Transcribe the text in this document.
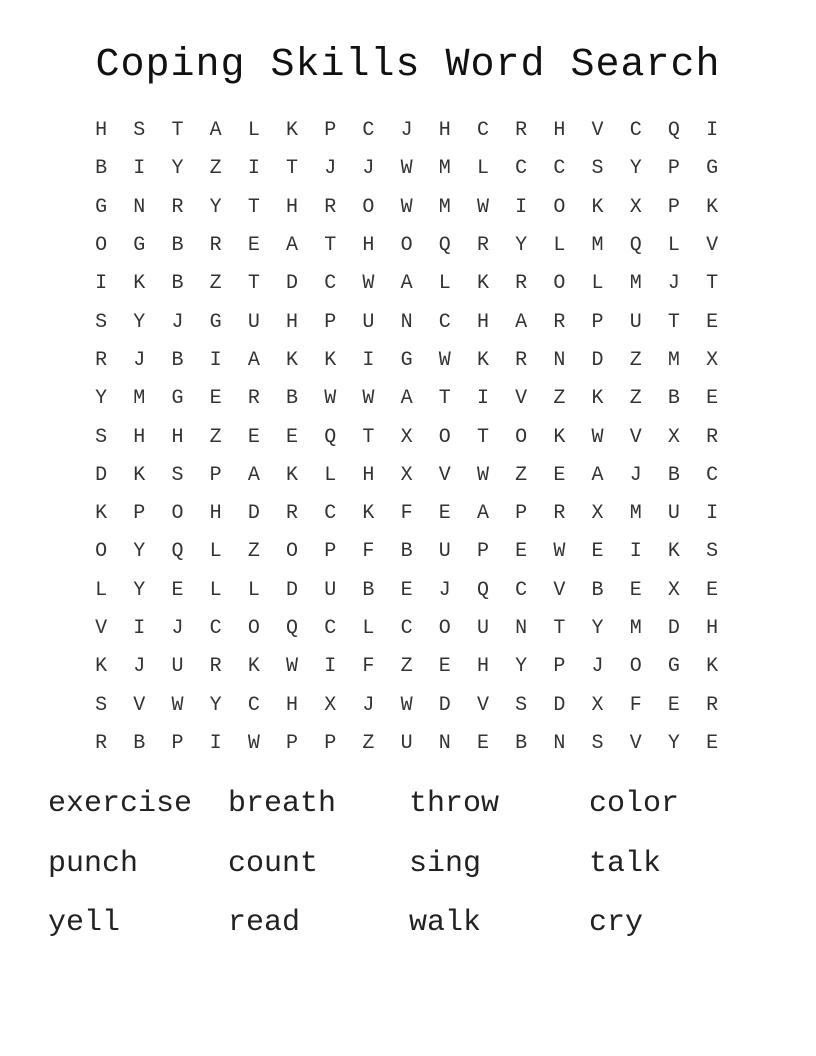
Coping Skills Word Search
H	S	T	A	L	K	P	C	J	H	C	R	H	V	C	Q	I
B	I	Y	Z	I	T	J	J	W	M	L	C	C	S	Y	P	G
G	N	R	Y	T	H	R	O	W	M	W	I	O	K	X	P	K
O	G	B	R	E	A	T	H	O	Q	R	Y	L	M	Q	L	V
I	K	B	Z	T	D	C	W	A	L	K	R	O	L	M	J	T
S	Y	J	G	U	H	P	U	N	C	H	A	R	P	U	T	E
R	J	B	I	A	K	K	I	G	W	K	R	N	D	Z	M	X
Y	M	G	E	R	B	W	W	A	T	I	V	Z	K	Z	B	E
S	H	H	Z	E	E	Q	T	X	O	T	O	K	W	V	X	R
D	K	S	P	A	K	L	H	X	V	W	Z	E	A	J	B	C
K	P	O	H	D	R	C	K	F	E	A	P	R	X	M	U	I
O	Y	Q	L	Z	O	P	F	B	U	P	E	W	E	I	K	S
L	Y	E	L	L	D	U	B	E	J	Q	C	V	B	E	X	E
V	I	J	C	O	Q	C	L	C	O	U	N	T	Y	M	D	H
K	J	U	R	K	W	I	F	Z	E	H	Y	P	J	O	G	K
S	V	W	Y	C	H	X	J	W	D	V	S	D	X	F	E	R
R	B	P	I	W	P	P	Z	U	N	E	B	N	S	V	Y	E
exercise	breath	throw	color
punch	count	sing	talk
yell	read	walk	cry
